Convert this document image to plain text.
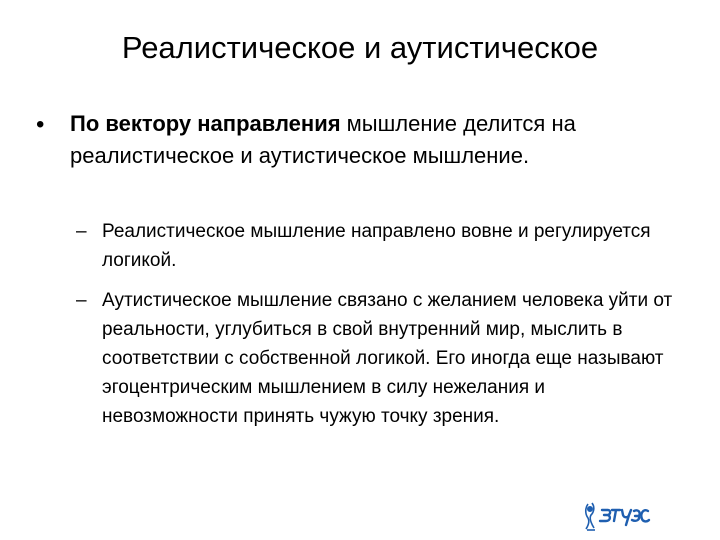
Реалистическое и аутистическое
•	По вектору направления мышление делится на реалистическое и аутистическое мышление.
– Реалистическое мышление направлено вовне и регулируется логикой.
– Аутистическое мышление связано с желанием человека уйти от реальности, углубиться в свой внутренний мир, мыслить в соответствии с собственной логикой. Его иногда еще называют эгоцентрическим мышлением в силу нежелания и невозможности принять чужую точку зрения.
